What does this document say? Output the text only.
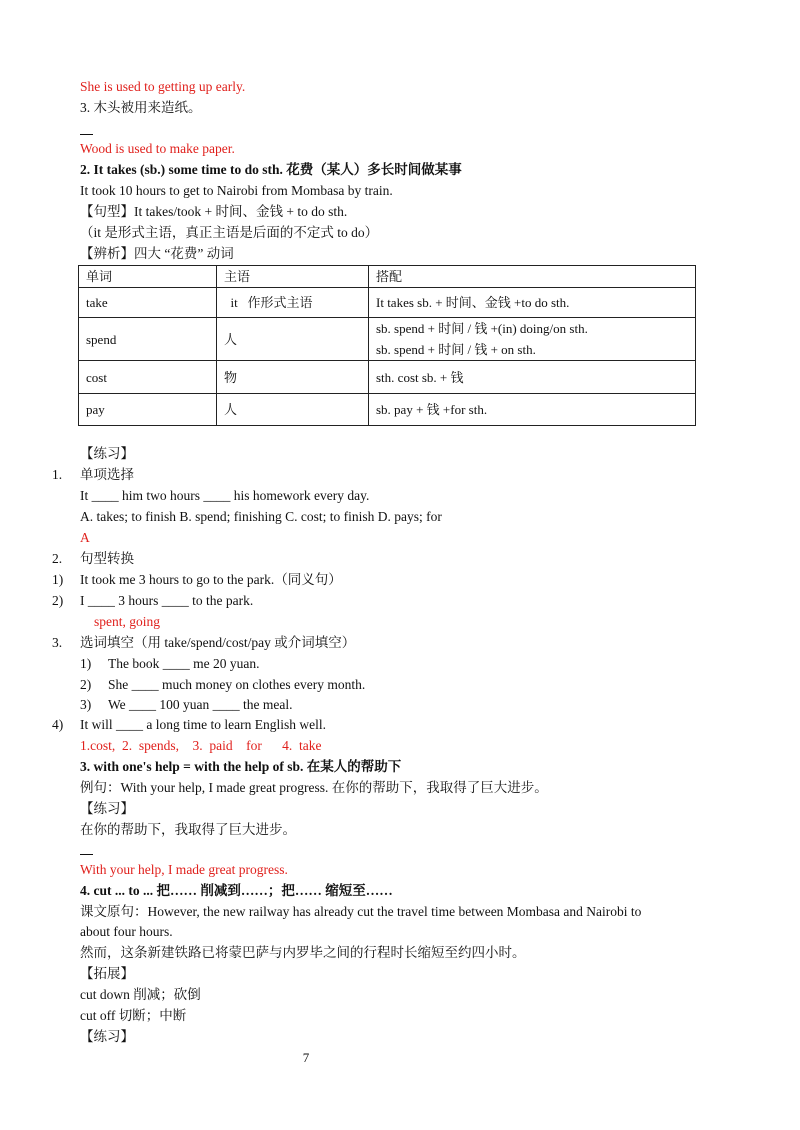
She is used to getting up early.
3. 木头被用来造纸。
Wood is used to make paper.
2. It takes (sb.) some time to do sth. 花费（某人）多长时间做某事
It took 10 hours to get to Nairobi from Mombasa by train.
【句型】It takes/took + 时间、金钱 + to do sth.
（it 是形式主语，真正主语是后面的不定式 to do）
【辨析】四大 “花费” 动词
单词	主语	搭配
take	it   作形式主语	It takes sb. + 时间、金钱 +to do sth.
spend	人	sb. spend + 时间 / 钱 +(in) doing/on sth.
sb. spend + 时间 / 钱 + on sth.

cost	物	sth. cost sb. + 钱
pay	人	sb. pay + 钱 +for sth.
【练习】
1. 单项选择
It ____ him two hours ____ his homework every day.
A. takes; to finish B. spend; finishing C. cost; to finish D. pays; for
A
2. 句型转换
1) It took me 3 hours to go to the park.（同义句）
2) I ____ 3 hours ____ to the park.
spent, going
3. 选词填空（用 take/spend/cost/pay 或介词填空）
1) The book ____ me 20 yuan.
2) She ____ much money on clothes every month.
3) We ____ 100 yuan ____ the meal.
4) It will ____ a long time to learn English well.
1.cost,  2.  spends,    3.  paid    for      4.  take
3. with one's help = with the help of sb. 在某人的帮助下
例句：With your help, I made great progress. 在你的帮助下，我取得了巨大进步。
【练习】
在你的帮助下，我取得了巨大进步。
With your help, I made great progress.
4. cut ... to ... 把…… 削减到……；把…… 缩短至……
课文原句：However, the new railway has already cut the travel time between Mombasa and Nairobi to
about four hours.
然而，这条新建铁路已将蒙巴萨与内罗毕之间的行程时长缩短至约四小时。
【拓展】
cut down 削减；砍倒
cut off 切断；中断
【练习】
7
